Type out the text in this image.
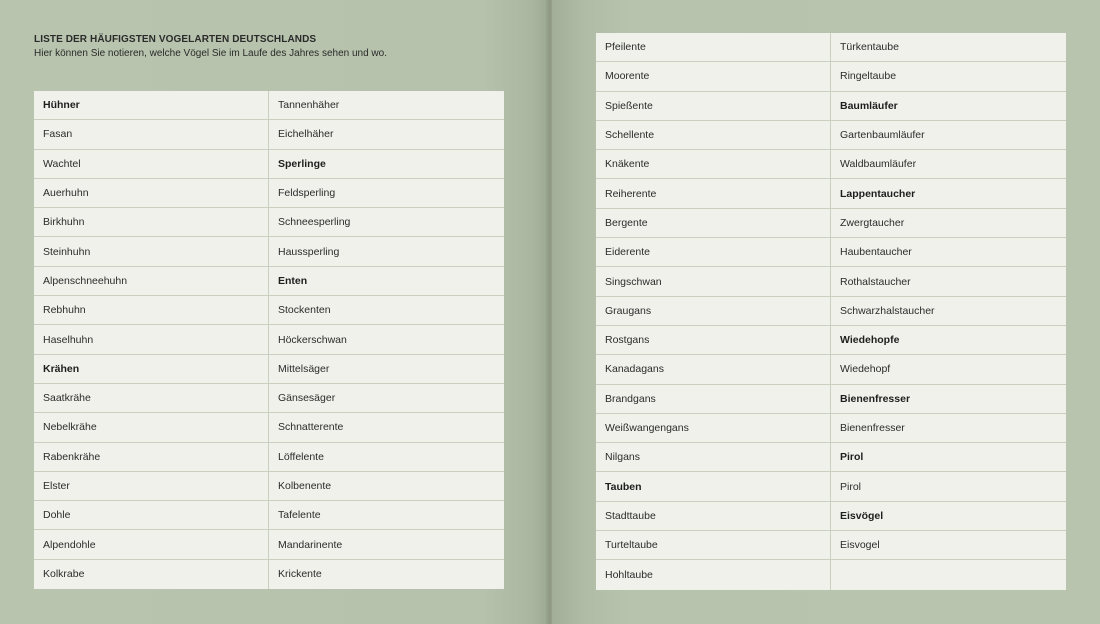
LISTE DER HÄUFIGSTEN VOGELARTEN DEUTSCHLANDS
Hier können Sie notieren, welche Vögel Sie im Laufe des Jahres sehen und wo.
Hühner	Tannenhäher
Fasan	Eichelhäher
Wachtel	Sperlinge
Auerhuhn	Feldsperling
Birkhuhn	Schneesperling
Steinhuhn	Haussperling
Alpenschneehuhn	Enten
Rebhuhn	Stockenten
Haselhuhn	Höckerschwan
Krähen	Mittelsäger
Saatkrähe	Gänsesäger
Nebelkrähe	Schnatterente
Rabenkrähe	Löffelente
Elster	Kolbenente
Dohle	Tafelente
Alpendohle	Mandarinente
Kolkrabe	Krickente
Pfeilente	Türkentaube
Moorente	Ringeltaube
Spießente	Baumläufer
Schellente	Gartenbaumläufer
Knäkente	Waldbaumläufer
Reiherente	Lappentaucher
Bergente	Zwergtaucher
Eiderente	Haubentaucher
Singschwan	Rothalstaucher
Graugans	Schwarzhalstaucher
Rostgans	Wiedehopfe
Kanadagans	Wiedehopf
Brandgans	Bienenfresser
Weißwangengans	Bienenfresser
Nilgans	Pirol
Tauben	Pirol
Stadttaube	Eisvögel
Turteltaube	Eisvogel
Hohltaube
